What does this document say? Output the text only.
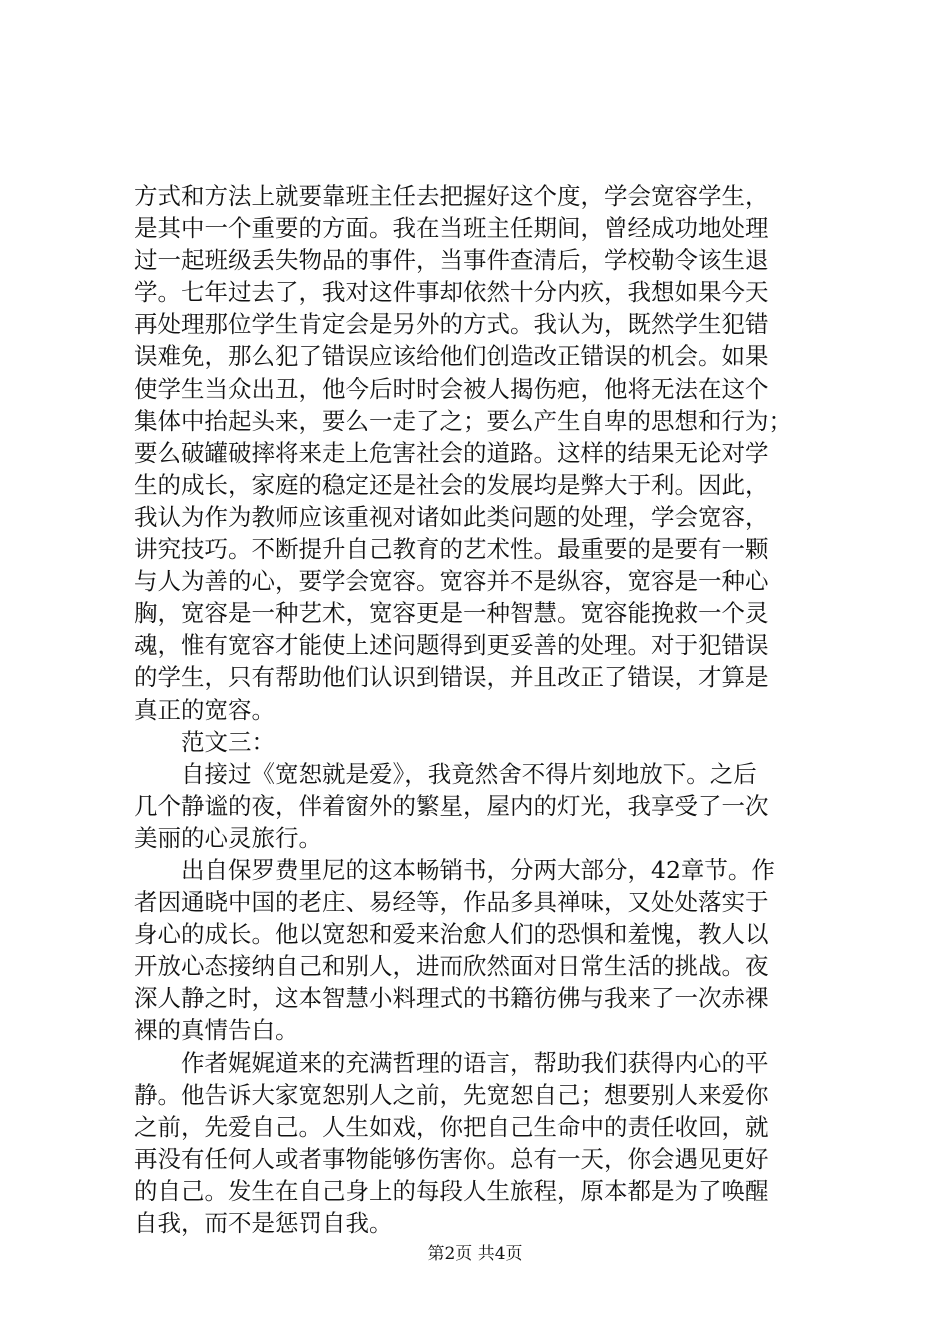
方式和方法上就要靠班主任去把握好这个度，学会宽容学生，
是其中一个重要的方面。我在当班主任期间，曾经成功地处理
过一起班级丢失物品的事件，当事件查清后，学校勒令该生退
学。七年过去了，我对这件事却依然十分内疚，我想如果今天
再处理那位学生肯定会是另外的方式。我认为，既然学生犯错
误难免，那么犯了错误应该给他们创造改正错误的机会。如果
使学生当众出丑，他今后时时会被人揭伤疤，他将无法在这个
集体中抬起头来，要么一走了之；要么产生自卑的思想和行为；
要么破罐破摔将来走上危害社会的道路。这样的结果无论对学
生的成长，家庭的稳定还是社会的发展均是弊大于利。因此，
我认为作为教师应该重视对诸如此类问题的处理，学会宽容，
讲究技巧。不断提升自己教育的艺术性。最重要的是要有一颗
与人为善的心，要学会宽容。宽容并不是纵容，宽容是一种心
胸，宽容是一种艺术，宽容更是一种智慧。宽容能挽救一个灵
魂，惟有宽容才能使上述问题得到更妥善的处理。对于犯错误
的学生，只有帮助他们认识到错误，并且改正了错误，才算是
真正的宽容。
　　范文三：
　　自接过《宽恕就是爱》，我竟然舍不得片刻地放下。之后
几个静谧的夜，伴着窗外的繁星，屋内的灯光，我享受了一次
美丽的心灵旅行。
　　出自保罗费里尼的这本畅销书，分两大部分，42章节。作
者因通晓中国的老庄、易经等，作品多具禅味，又处处落实于
身心的成长。他以宽恕和爱来治愈人们的恐惧和羞愧，教人以
开放心态接纳自己和别人，进而欣然面对日常生活的挑战。夜
深人静之时，这本智慧小料理式的书籍彷佛与我来了一次赤裸
裸的真情告白。
　　作者娓娓道来的充满哲理的语言，帮助我们获得内心的平
静。他告诉大家宽恕别人之前，先宽恕自己；想要别人来爱你
之前，先爱自己。人生如戏，你把自己生命中的责任收回，就
再没有任何人或者事物能够伤害你。总有一天，你会遇见更好
的自己。发生在自己身上的每段人生旅程，原本都是为了唤醒
自我，而不是惩罚自我。
第2页 共4页
